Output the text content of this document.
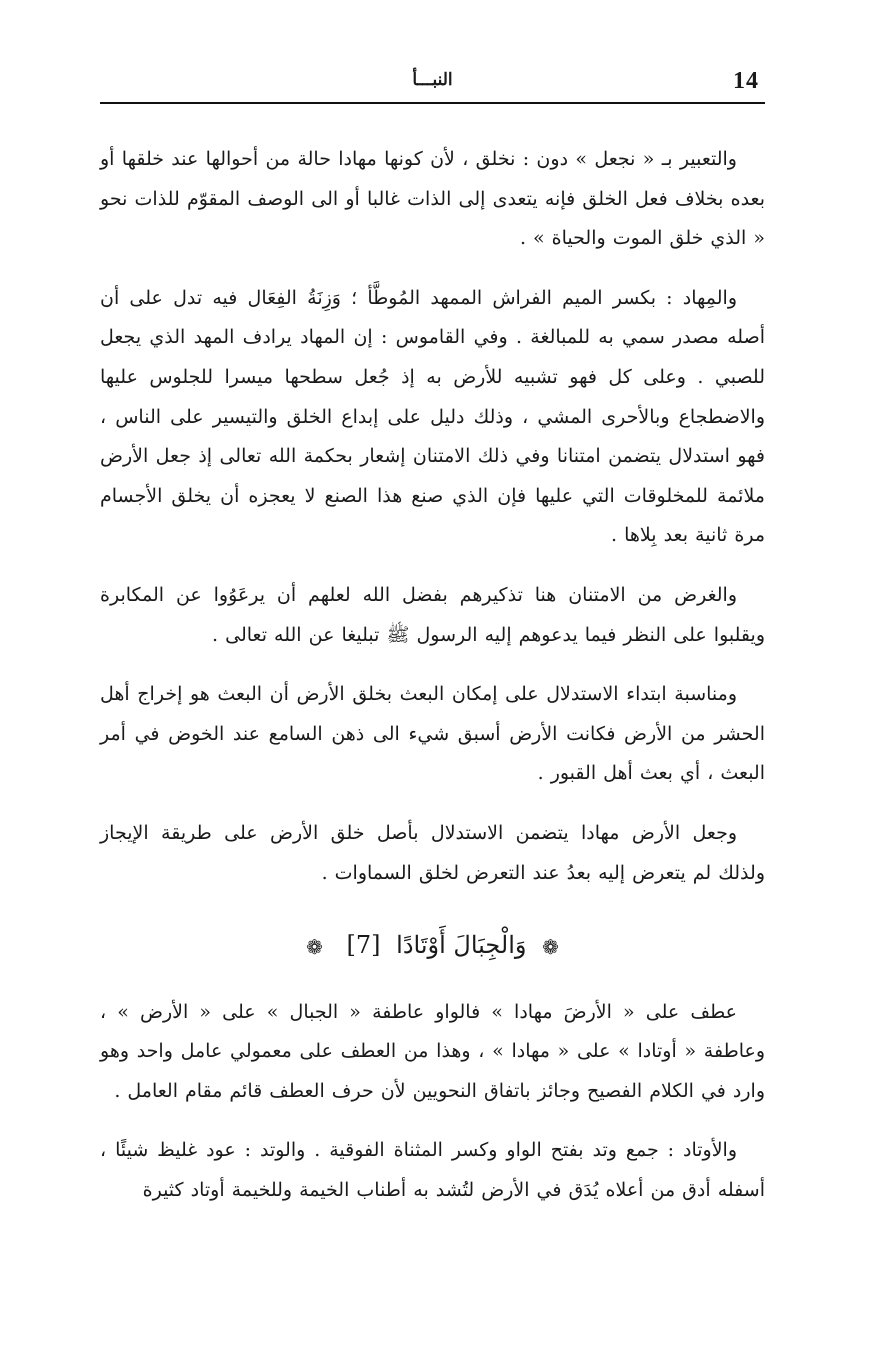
14
النبـــأ

والتعبير بـ « نجعل » دون : نخلق ، لأن كونها مهادا حالة من أحوالها عند خلقها أو بعده بخلاف فعل الخلق فإنه يتعدى إلى الذات غالبا أو الى الوصف المقوّم للذات نحو « الذي خلق الموت والحياة » .

والمِهاد : بكسر الميم الفراش الممهد المُوطَّأ ؛ وَزِنَةُ الفِعَال فيه تدل على أن أصله مصدر سمي به للمبالغة . وفي القاموس : إن المهاد يرادف المهد الذي يجعل للصبي . وعلى كل فهو تشبيه للأرض به إذ جُعل سطحها ميسرا للجلوس عليها والاضطجاع وبالأحرى المشي ، وذلك دليل على إبداع الخلق والتيسير على الناس ، فهو استدلال يتضمن امتنانا وفي ذلك الامتنان إشعار بحكمة الله تعالى إذ جعل الأرض ملائمة للمخلوقات التي عليها فإن الذي صنع هذا الصنع لا يعجزه أن يخلق الأجسام مرة ثانية بعد بِلاها .

والغرض من الامتنان هنا تذكيرهم بفضل الله لعلهم أن يرعَوُوا عن المكابرة ويقلبوا على النظر فيما يدعوهم إليه الرسول ﷺ تبليغا عن الله تعالى .

ومناسبة ابتداء الاستدلال على إمكان البعث بخلق الأرض أن البعث هو إخراج أهل الحشر من الأرض فكانت الأرض أسبق شيء الى ذهن السامع عند الخوض في أمر البعث ، أي بعث أهل القبور .

وجعل الأرض مهادا يتضمن الاستدلال بأصل خلق الأرض على طريقة الإيجاز ولذلك لم يتعرض إليه بعدُ عند التعرض لخلق السماوات .

❁ وَالْجِبَالَ أَوْتَادًا [7] ❁

عطف على « الأرضَ مهادا » فالواو عاطفة « الجبال » على « الأرض » ، وعاطفة « أوتادا » على « مهادا » ، وهذا من العطف على معمولي عامل واحد وهو وارد في الكلام الفصيح وجائز باتفاق النحويين لأن حرف العطف قائم مقام العامل .

والأوتاد : جمع وتد بفتح الواو وكسر المثناة الفوقية . والوتد : عود غليظ شيئًا ، أسفله أدق من أعلاه يُدَق في الأرض لتُشد به أطناب الخيمة وللخيمة أوتاد كثيرة
